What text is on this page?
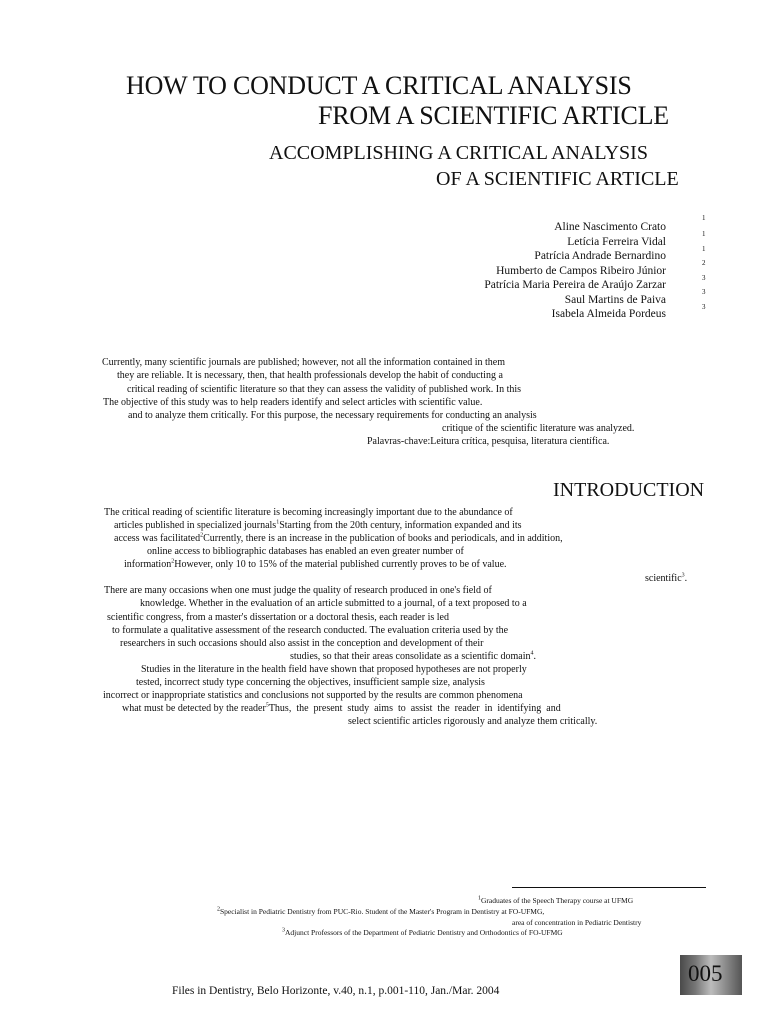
HOW TO CONDUCT A CRITICAL ANALYSIS
FROM A SCIENTIFIC ARTICLE
ACCOMPLISHING A CRITICAL ANALYSIS
OF A SCIENTIFIC ARTICLE
Aline Nascimento Crato
Letícia Ferreira Vidal
Patrícia Andrade Bernardino
Humberto de Campos Ribeiro Júnior
Patrícia Maria Pereira de Araújo Zarzar
Saul Martins de Paiva
Isabela Almeida Pordeus
1
1
1
2
3
3
3
Currently, many scientific journals are published; however, not all the information contained in them
they are reliable. It is necessary, then, that health professionals develop the habit of conducting a
critical reading of scientific literature so that they can assess the validity of published work. In this
The objective of this study was to help readers identify and select articles with scientific value.
and to analyze them critically. For this purpose, the necessary requirements for conducting an analysis
critique of the scientific literature was analyzed.
Palavras-chave:Leitura crítica, pesquisa, literatura científica.
INTRODUCTION
The critical reading of scientific literature is becoming increasingly important due to the abundance of
articles published in specialized journals$^1$Starting from the 20th century, information expanded and its
access was facilitated$^2$Currently, there is an increase in the publication of books and periodicals, and in addition,
online access to bibliographic databases has enabled an even greater number of
information$^2$However, only 10 to 15% of the material published currently proves to be of value.
scientific$^3$.
There are many occasions when one must judge the quality of research produced in one's field of
knowledge. Whether in the evaluation of an article submitted to a journal, of a text proposed to a
scientific congress, from a master's dissertation or a doctoral thesis, each reader is led
to formulate a qualitative assessment of the research conducted. The evaluation criteria used by the
researchers in such occasions should also assist in the conception and development of their
studies, so that their areas consolidate as a scientific domain$^4$.
Studies in the literature in the health field have shown that proposed hypotheses are not properly
tested, incorrect study type concerning the objectives, insufficient sample size, analysis
incorrect or inappropriate statistics and conclusions not supported by the results are common phenomena
what must be detected by the reader$^5$Thus,  the  present  study  aims  to  assist  the  reader  in  identifying  and
select scientific articles rigorously and analyze them critically.
$^1$Graduates of the Speech Therapy course at UFMG
$^2$Specialist in Pediatric Dentistry from PUC-Rio. Student of the Master's Program in Dentistry at FO-UFMG,
area of concentration in Pediatric Dentistry
$^3$Adjunct Professors of the Department of Pediatric Dentistry and Orthodontics of FO-UFMG
Files in Dentistry, Belo Horizonte, v.40, n.1, p.001-110, Jan./Mar. 2004
005
